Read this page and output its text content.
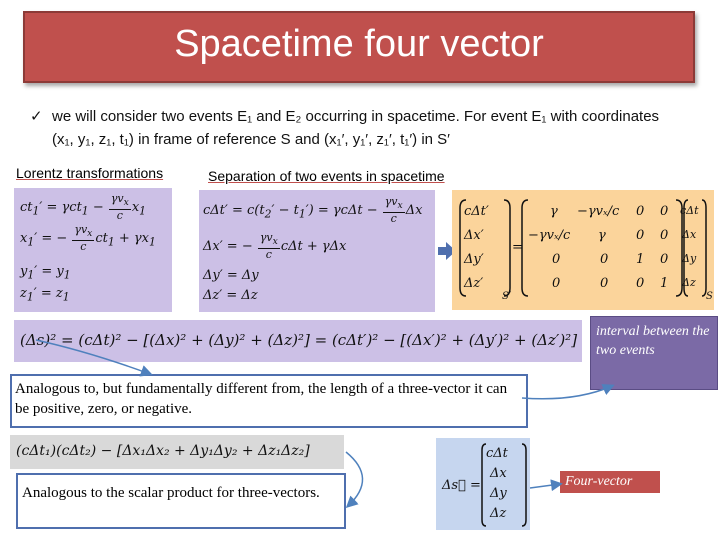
Spacetime four vector
✓ we will consider two events E₁ and E₂ occurring in spacetime. For event E₁ with coordinates (x₁, y₁, z₁, t₁) in frame of reference S and (x₁′, y₁′, z₁′, t₁′) in S′
Lorentz transformations	Separation of two events in spacetime
$ct_1' = \gamma ct_1 - \frac{\gamma v_x}{c} x_1$
$x_1'$ = − $\frac{\gamma v_x}{c} ct_1 + \gamma x_1$
$y_1' = y_1$
$z_1' = z_1$
$c\Delta t' = c(t_2' - t_1') = \gamma c\Delta t - \frac{\gamma v_x}{c}$ Δx
Δx′ = − $\frac{\gamma v_x}{c}$ cΔt + γΔx
Δy′ = Δy
Δz′ = Δz
cΔt′
Δx′
Δy′
Δz′
S′
=
γ −γvₓ/c 0 0
−γvₓ/c γ 0 0
0	0 1 0
0	0 0 1
cΔt
Δx
Δy
Δz
S
(Δs)² = (cΔt)² − [(Δx)² + (Δy)² + (Δz)²] = (cΔt′)² − [(Δx′)² + (Δy′)² + (Δz′)²] interval between the two events
Analogous to, but fundamentally different from, the length of a three-vector it can be positive, zero, or negative.
(cΔt₁)(cΔt₂) − [Δx₁Δx₂ + Δy₁Δy₂ + Δz₁Δz₂]
Analogous to the scalar product for three-vectors.	Δs⃗ =
cΔt
Δx
Δy
Δz
Four-vector
